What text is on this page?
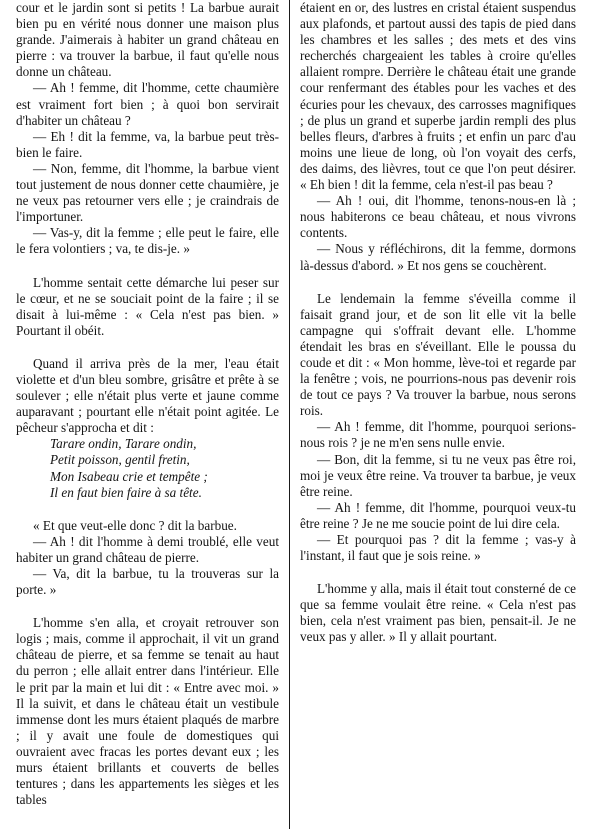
cour et le jardin sont si petits ! La barbue aurait bien pu en vérité nous donner une maison plus grande. J'aimerais à habiter un grand château en pierre : va trouver la barbue, il faut qu'elle nous donne un château.

— Ah ! femme, dit l'homme, cette chaumière est vraiment fort bien ; à quoi bon servirait d'habiter un château ?

— Eh ! dit la femme, va, la barbue peut très-bien le faire.

— Non, femme, dit l'homme, la barbue vient tout justement de nous donner cette chaumière, je ne veux pas retourner vers elle ; je craindrais de l'importuner.

— Vas-y, dit la femme ; elle peut le faire, elle le fera volontiers ; va, te dis-je. »

L'homme sentait cette démarche lui peser sur le cœur, et ne se souciait point de la faire ; il se disait à lui-même : « Cela n'est pas bien. » Pourtant il obéit.

Quand il arriva près de la mer, l'eau était violette et d'un bleu sombre, grisâtre et prête à se soulever ; elle n'était plus verte et jaune comme auparavant ; pourtant elle n'était point agitée. Le pêcheur s'approcha et dit :

Tarare ondin, Tarare ondin,
Petit poisson, gentil fretin,
Mon Isabeau crie et tempête ;
Il en faut bien faire à sa tête.

« Et que veut-elle donc ? dit la barbue.

— Ah ! dit l'homme à demi troublé, elle veut habiter un grand château de pierre.

— Va, dit la barbue, tu la trouveras sur la porte. »

L'homme s'en alla, et croyait retrouver son logis ; mais, comme il approchait, il vit un grand château de pierre, et sa femme se tenait au haut du perron ; elle allait entrer dans l'intérieur. Elle le prit par la main et lui dit : « Entre avec moi. » Il la suivit, et dans le château était un vestibule immense dont les murs étaient plaqués de marbre ; il y avait une foule de domestiques qui ouvraient avec fracas les portes devant eux ; les murs étaient brillants et couverts de belles tentures ; dans les appartements les sièges et les tables

étaient en or, des lustres en cristal étaient suspendus aux plafonds, et partout aussi des tapis de pied dans les chambres et les salles ; des mets et des vins recherchés chargeaient les tables à croire qu'elles allaient rompre. Derrière le château était une grande cour renfermant des étables pour les vaches et des écuries pour les chevaux, des carrosses magnifiques ; de plus un grand et superbe jardin rempli des plus belles fleurs, d'arbres à fruits ; et enfin un parc d'au moins une lieue de long, où l'on voyait des cerfs, des daims, des lièvres, tout ce que l'on peut désirer. « Eh bien ! dit la femme, cela n'est-il pas beau ?

— Ah ! oui, dit l'homme, tenons-nous-en là ; nous habiterons ce beau château, et nous vivrons contents.

— Nous y réfléchirons, dit la femme, dormons là-dessus d'abord. » Et nos gens se couchèrent.

Le lendemain la femme s'éveilla comme il faisait grand jour, et de son lit elle vit la belle campagne qui s'offrait devant elle. L'homme étendait les bras en s'éveillant. Elle le poussa du coude et dit : « Mon homme, lève-toi et regarde par la fenêtre ; vois, ne pourrions-nous pas devenir rois de tout ce pays ? Va trouver la barbue, nous serons rois.

— Ah ! femme, dit l'homme, pourquoi serions-nous rois ? je ne m'en sens nulle envie.

— Bon, dit la femme, si tu ne veux pas être roi, moi je veux être reine. Va trouver ta barbue, je veux être reine.

— Ah ! femme, dit l'homme, pourquoi veux-tu être reine ? Je ne me soucie point de lui dire cela.

— Et pourquoi pas ? dit la femme ; vas-y à l'instant, il faut que je sois reine. »

L'homme y alla, mais il était tout consterné de ce que sa femme voulait être reine. « Cela n'est pas bien, cela n'est vraiment pas bien, pensait-il. Je ne veux pas y aller. » Il y allait pourtant.
